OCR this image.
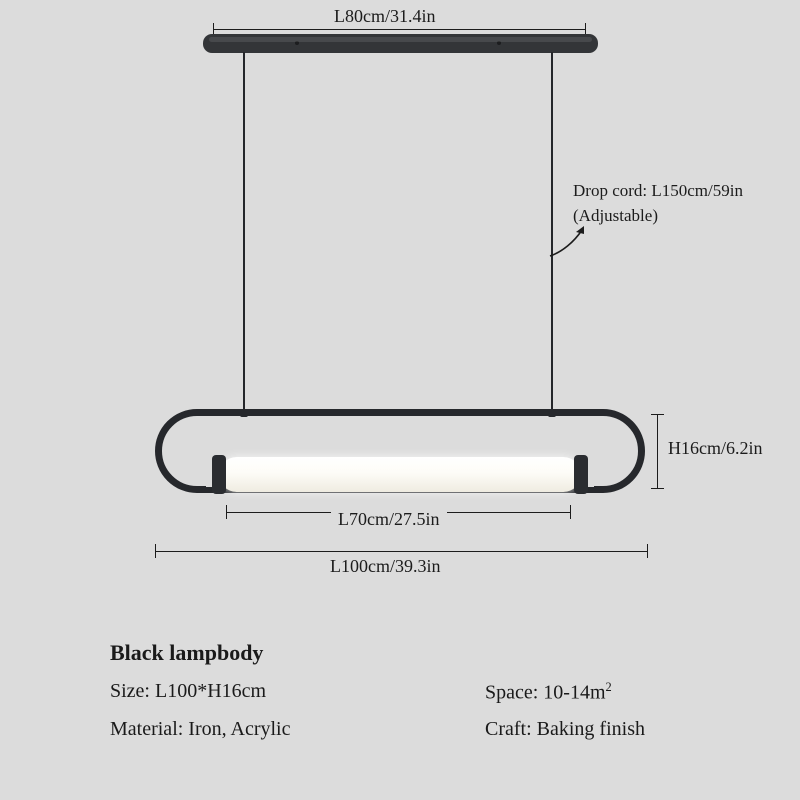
L80cm/31.4in
Drop cord: L150cm/59in
(Adjustable)
H16cm/6.2in
L70cm/27.5in
L100cm/39.3in
Black lampbody
Size: L100*H16cm	Space: $10-14m^2$
Material: Iron, Acrylic	Craft: Baking finish
